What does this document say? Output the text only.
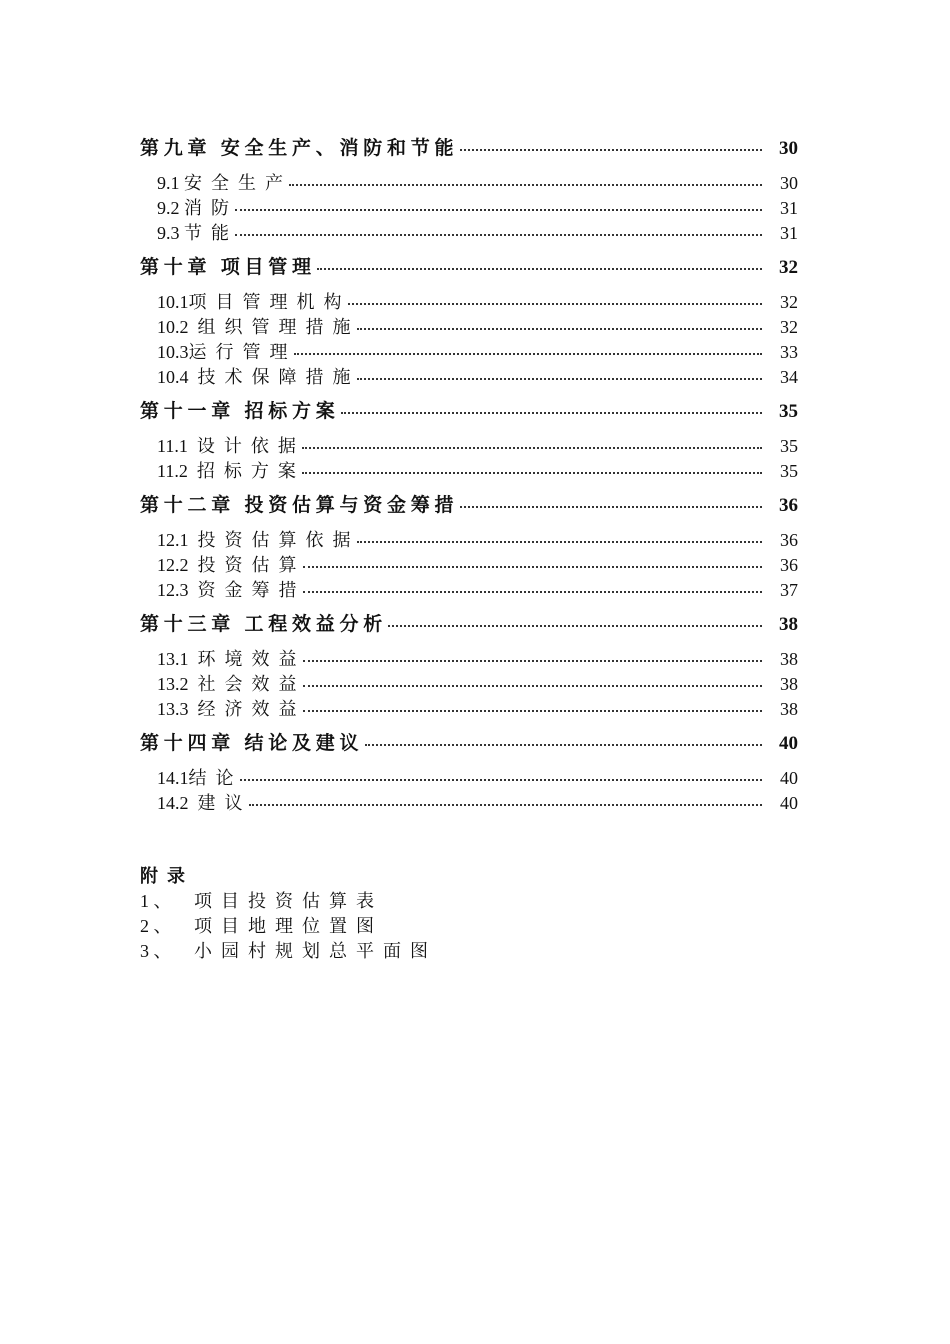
第 九 章   安 全 生 产 、 消 防 和 节 能	30
9.1 安  全  生  产	30
9.2 消  防	31
9.3 节  能	31
第 十 章   项 目 管 理	32
10.1项  目  管  理  机  构	32
10.2  组  织  管  理  措  施	32
10.3运  行  管  理	33
10.4  技  术  保  障  措  施	34
第 十 一 章   招 标 方 案	35
11.1  设  计  依  据	35
11.2  招  标  方  案	35
第 十 二 章   投 资 估 算 与 资 金 筹 措	36
12.1  投  资  估  算  依  据	36
12.2  投  资  估  算	36
12.3  资  金  筹  措	37
第 十 三 章   工 程 效 益 分 析	38
13.1  环  境  效  益	38
13.2  社  会  效  益	38
13.3  经  济  效  益	38
第 十 四 章   结 论 及 建 议	40
14.1结  论	40
14.2  建  议	40
附  录
1 、     项  目  投  资  估  算  表
2 、     项  目  地  理  位  置  图
3 、     小  园  村  规  划  总  平  面  图
